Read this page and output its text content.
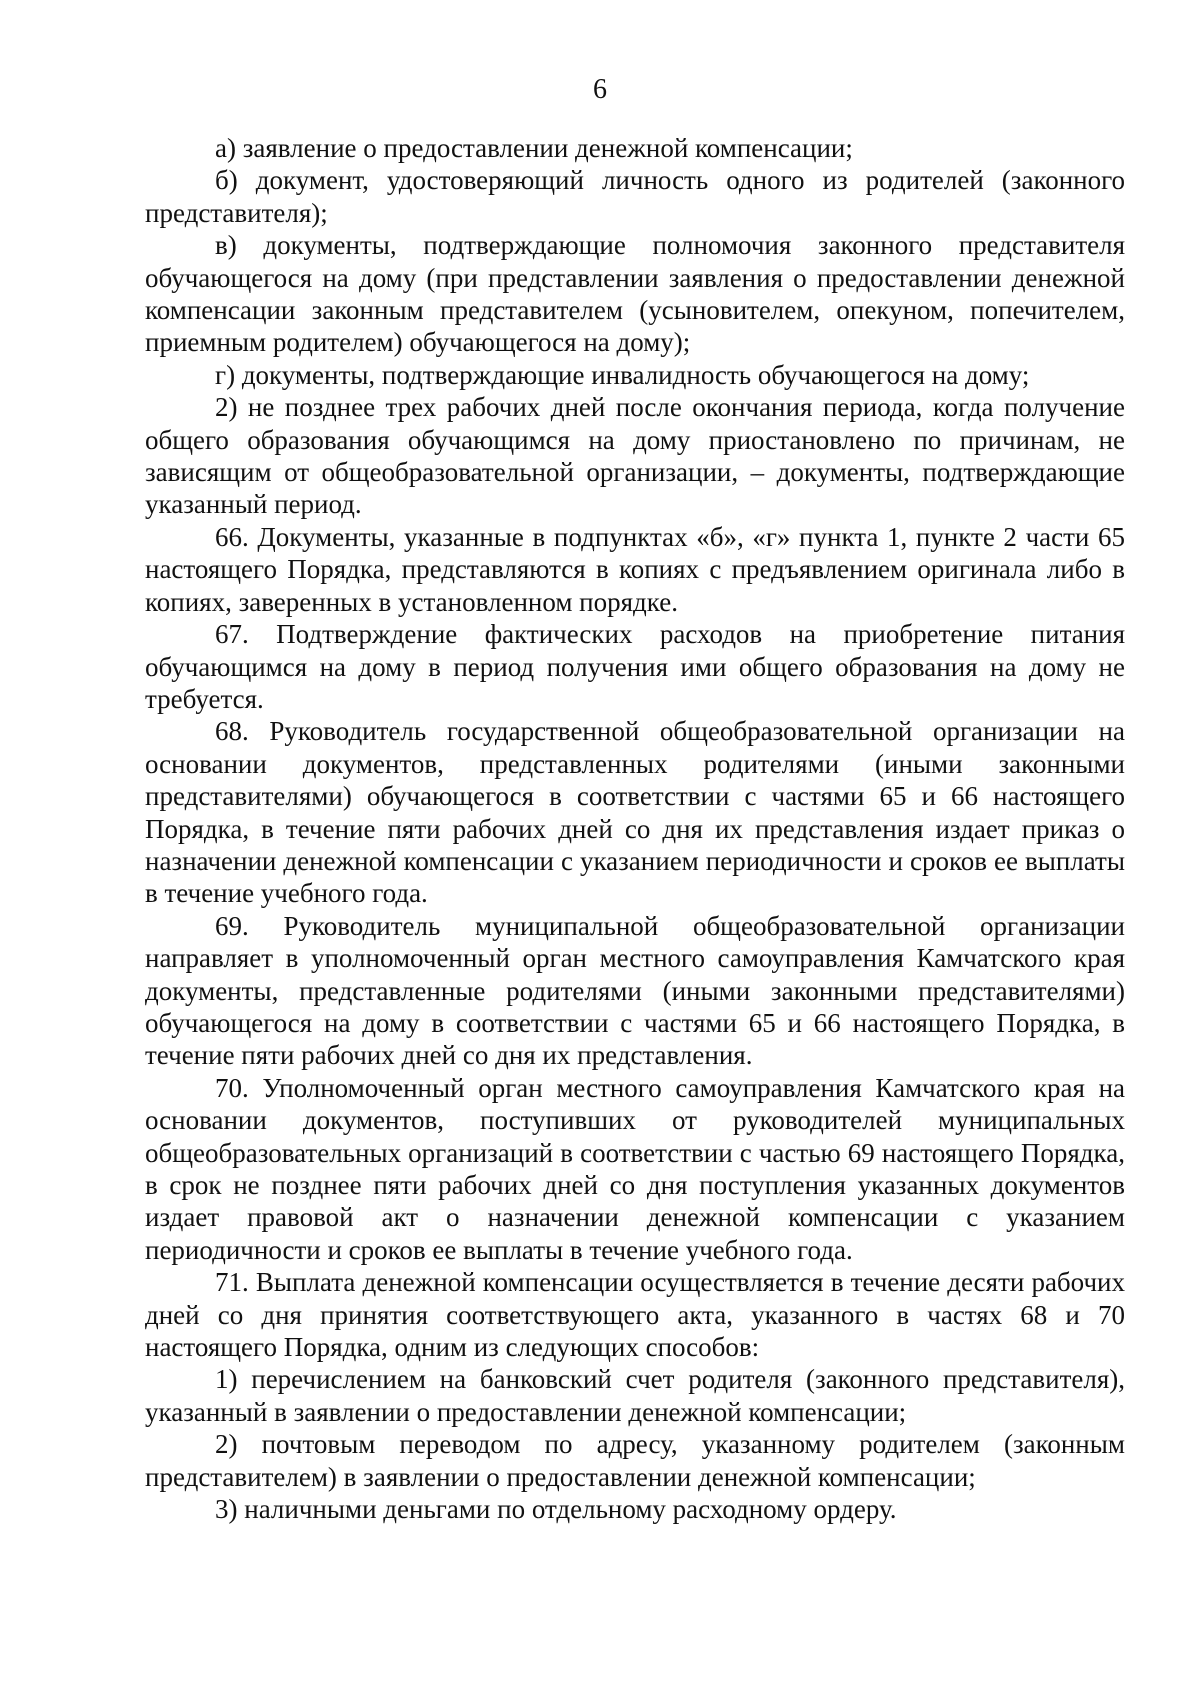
6

а) заявление о предоставлении денежной компенсации;

б) документ, удостоверяющий личность одного из родителей (законного представителя);

в) документы, подтверждающие полномочия законного представителя обучающегося на дому (при представлении заявления о предоставлении денежной компенсации законным представителем (усыновителем, опекуном, попечителем, приемным родителем) обучающегося на дому);

г) документы, подтверждающие инвалидность обучающегося на дому;

2) не позднее трех рабочих дней после окончания периода, когда получение общего образования обучающимся на дому приостановлено по причинам, не зависящим от общеобразовательной организации, – документы, подтверждающие указанный период.

66. Документы, указанные в подпунктах «б», «г» пункта 1, пункте 2 части 65 настоящего Порядка, представляются в копиях с предъявлением оригинала либо в копиях, заверенных в установленном порядке.

67. Подтверждение фактических расходов на приобретение питания обучающимся на дому в период получения ими общего образования на дому не требуется.

68. Руководитель государственной общеобразовательной организации на основании документов, представленных родителями (иными законными представителями) обучающегося в соответствии с частями 65 и 66 настоящего Порядка, в течение пяти рабочих дней со дня их представления издает приказ о назначении денежной компенсации с указанием периодичности и сроков ее выплаты в течение учебного года.

69. Руководитель муниципальной общеобразовательной организации направляет в уполномоченный орган местного самоуправления Камчатского края документы, представленные родителями (иными законными представителями) обучающегося на дому в соответствии с частями 65 и 66 настоящего Порядка, в течение пяти рабочих дней со дня их представления.

70. Уполномоченный орган местного самоуправления Камчатского края на основании документов, поступивших от руководителей муниципальных общеобразовательных организаций в соответствии с частью 69 настоящего Порядка, в срок не позднее пяти рабочих дней со дня поступления указанных документов издает правовой акт о назначении денежной компенсации с указанием периодичности и сроков ее выплаты в течение учебного года.

71. Выплата денежной компенсации осуществляется в течение десяти рабочих дней со дня принятия соответствующего акта, указанного в частях 68 и 70 настоящего Порядка, одним из следующих способов:

1) перечислением на банковский счет родителя (законного представителя), указанный в заявлении о предоставлении денежной компенсации;

2) почтовым переводом по адресу, указанному родителем (законным представителем) в заявлении о предоставлении денежной компенсации;

3) наличными деньгами по отдельному расходному ордеру.
